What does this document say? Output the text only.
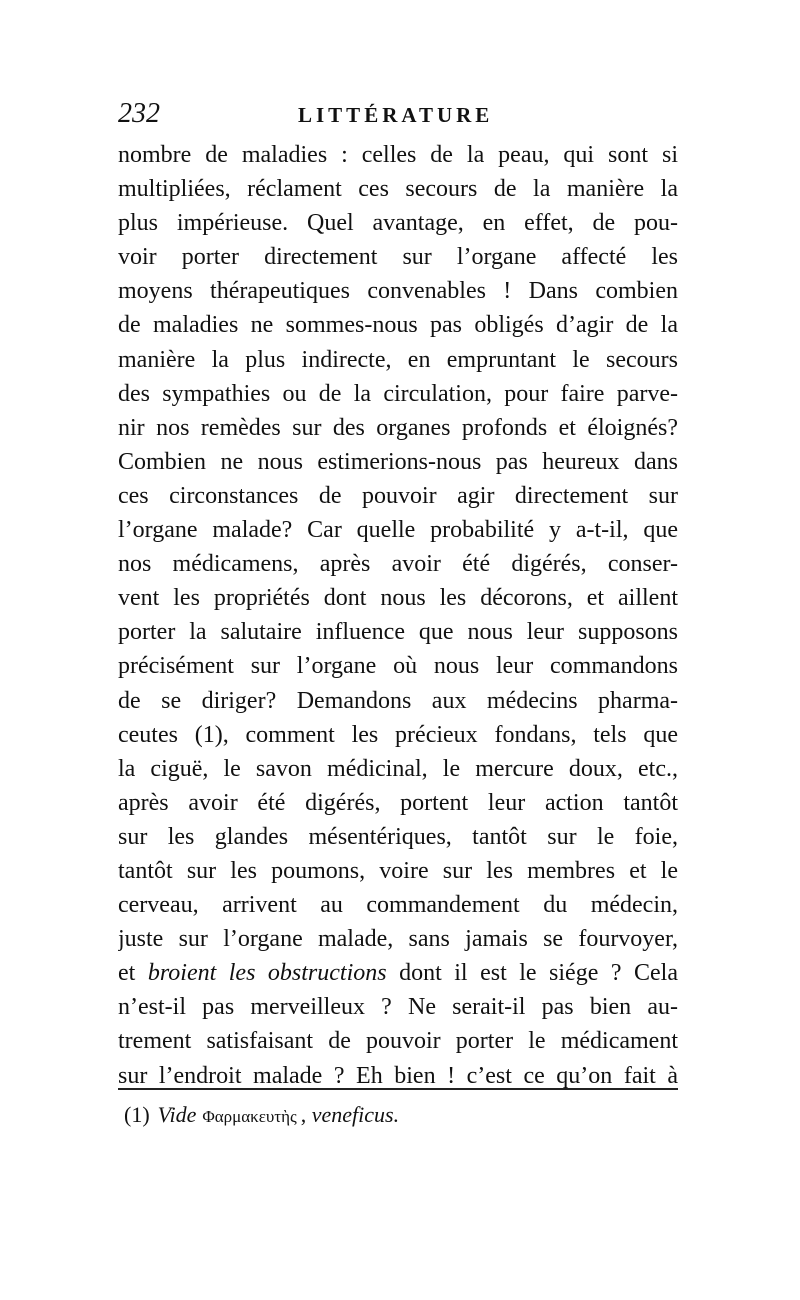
232	LITTÉRATURE
nombre de maladies : celles de la peau, qui sont si
multipliées, réclament ces secours de la manière la
plus impérieuse. Quel avantage, en effet, de pou-
voir porter directement sur l’organe affecté les
moyens thérapeutiques convenables ! Dans combien
de maladies ne sommes-nous pas obligés d’agir de la
manière la plus indirecte, en empruntant le secours
des sympathies ou de la circulation, pour faire parve-
nir nos remèdes sur des organes profonds et éloignés?
Combien ne nous estimerions-nous pas heureux dans
ces circonstances de pouvoir agir directement sur
l’organe malade? Car quelle probabilité y a-t-il, que
nos médicamens, après avoir été digérés, conser-
vent les propriétés dont nous les décorons, et aillent
porter la salutaire influence que nous leur supposons
précisément sur l’organe où nous leur commandons
de se diriger? Demandons aux médecins pharma-
ceutes (1), comment les précieux fondans, tels que
la ciguë, le savon médicinal, le mercure doux, etc.,
après avoir été digérés, portent leur action tantôt
sur les glandes mésentériques, tantôt sur le foie,
tantôt sur les poumons, voire sur les membres et le
cerveau, arrivent au commandement du médecin,
juste sur l’organe malade, sans jamais se fourvoyer,
et broient les obstructions dont il est le siége ? Cela
n’est-il pas merveilleux ? Ne serait-il pas bien au-
trement satisfaisant de pouvoir porter le médicament
sur l’endroit malade ? Eh bien ! c’est ce qu’on fait à
(1) Vide Φαρμακευτὴς , veneficus.
